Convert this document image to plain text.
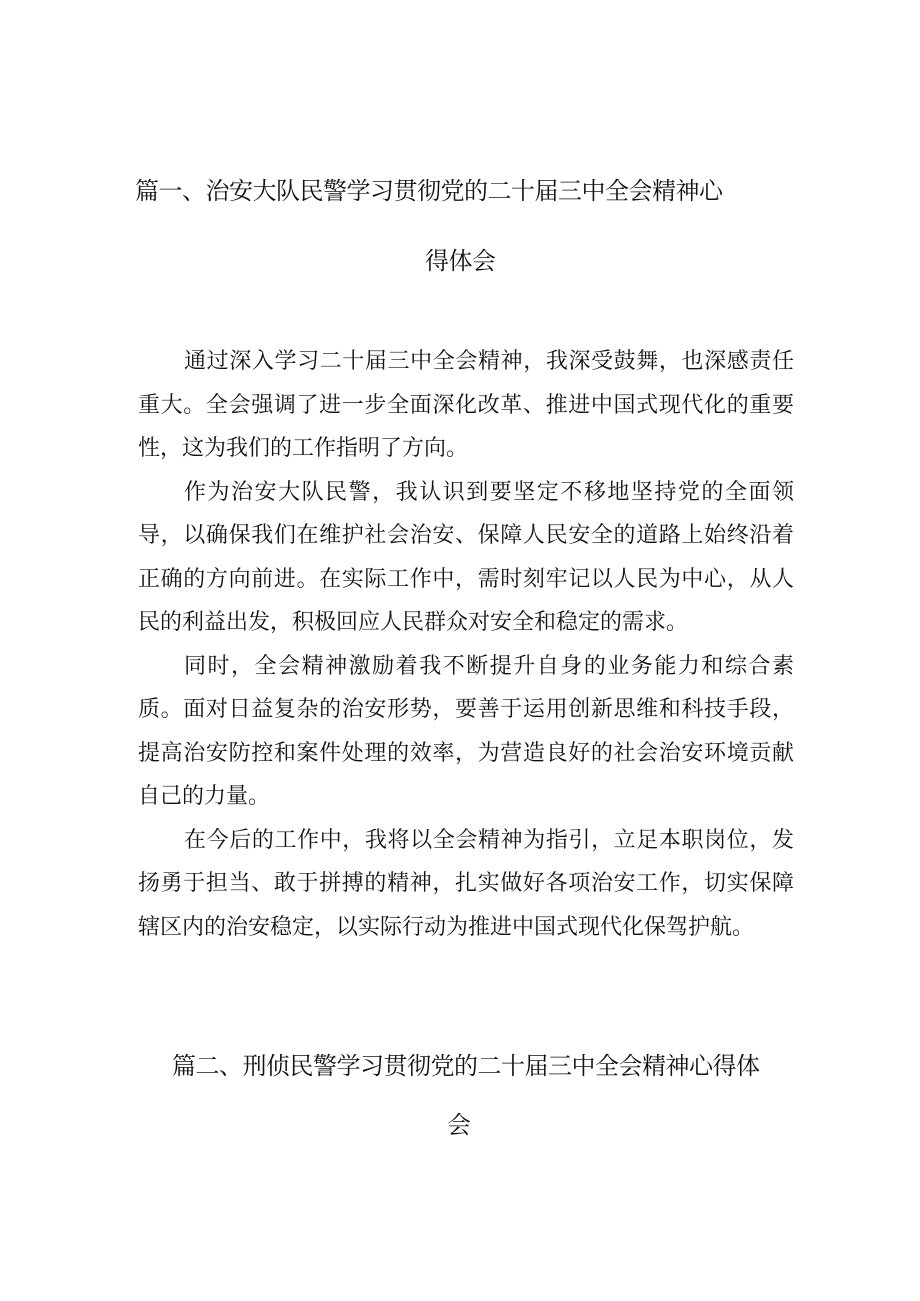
篇一、治安大队民警学习贯彻党的二十届三中全会精神心
得体会

通过深入学习二十届三中全会精神，我深受鼓舞，也深感责任重大。全会强调了进一步全面深化改革、推进中国式现代化的重要性，这为我们的工作指明了方向。

作为治安大队民警，我认识到要坚定不移地坚持党的全面领导，以确保我们在维护社会治安、保障人民安全的道路上始终沿着正确的方向前进。在实际工作中，需时刻牢记以人民为中心，从人民的利益出发，积极回应人民群众对安全和稳定的需求。

同时，全会精神激励着我不断提升自身的业务能力和综合素质。面对日益复杂的治安形势，要善于运用创新思维和科技手段，提高治安防控和案件处理的效率，为营造良好的社会治安环境贡献自己的力量。

在今后的工作中，我将以全会精神为指引，立足本职岗位，发扬勇于担当、敢于拼搏的精神，扎实做好各项治安工作，切实保障辖区内的治安稳定，以实际行动为推进中国式现代化保驾护航。

篇二、刑侦民警学习贯彻党的二十届三中全会精神心得体
会
